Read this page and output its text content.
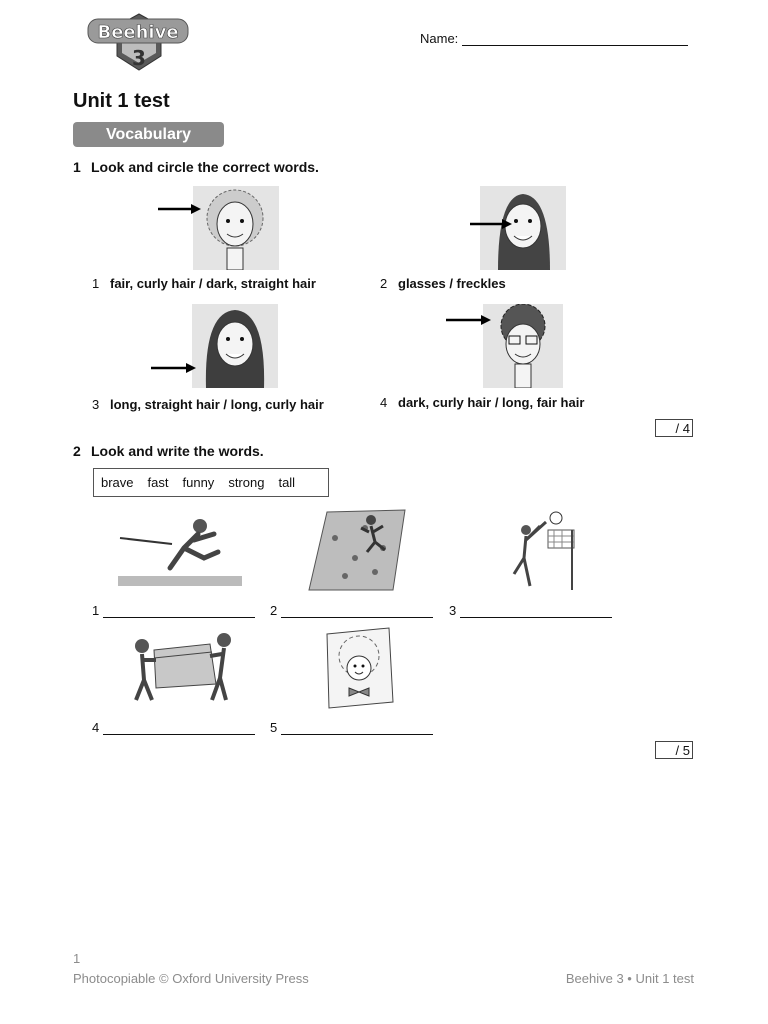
Beehive
3
Name:
Unit 1 test
Vocabulary
1 Look and circle the correct words.
1 fair, curly hair / dark, straight hair	2 glasses / freckles
3 long, straight hair / long, curly hair	4 dark, curly hair / long, fair hair
/ 4
2 Look and write the words.
brave fast funny strong tall
1	2	3
4	5
/ 5
1
Photocopiable © Oxford University Press	Beehive 3 • Unit 1 test
